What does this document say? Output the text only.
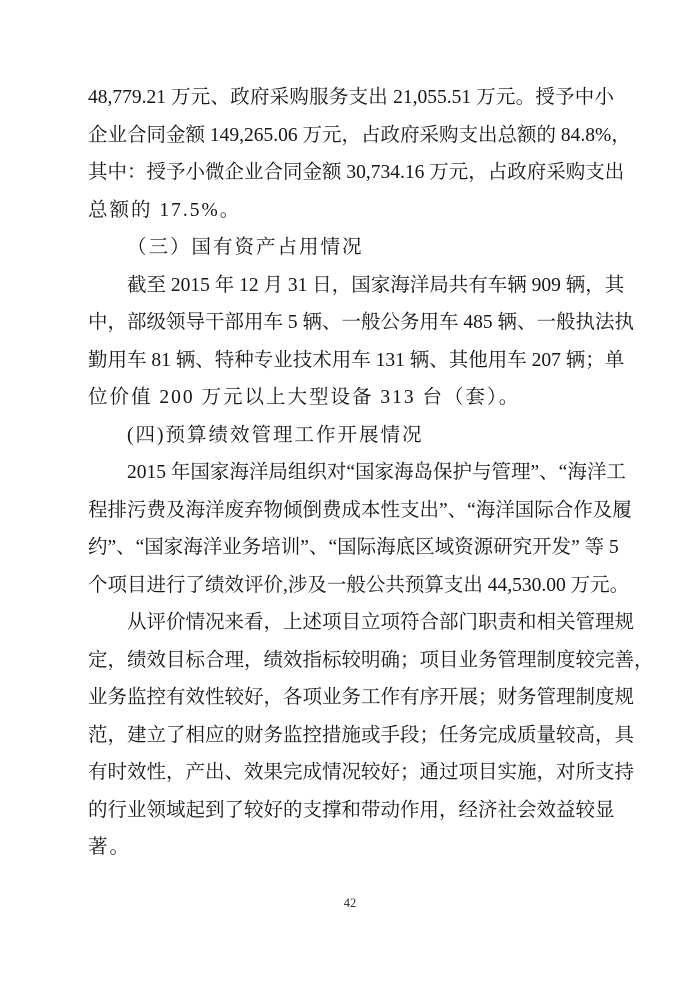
48,779.21 万元、政府采购服务支出 21,055.51 万元。授予中小
企业合同金额 149,265.06 万元，占政府采购支出总额的 84.8%，
其中：授予小微企业合同金额 30,734.16 万元，占政府采购支出
总额的 17.5%。
（三）国有资产占用情况
截至 2015 年 12 月 31 日，国家海洋局共有车辆 909 辆，其
中，部级领导干部用车 5 辆、一般公务用车 485 辆、一般执法执
勤用车 81 辆、特种专业技术用车 131 辆、其他用车 207 辆；单
位价值 200 万元以上大型设备 313 台（套）。
(四)预算绩效管理工作开展情况
2015 年国家海洋局组织对“国家海岛保护与管理”、“海洋工
程排污费及海洋废弃物倾倒费成本性支出”、“海洋国际合作及履
约”、“国家海洋业务培训”、“国际海底区域资源研究开发” 等 5
个项目进行了绩效评价,涉及一般公共预算支出 44,530.00 万元。
从评价情况来看，上述项目立项符合部门职责和相关管理规
定，绩效目标合理，绩效指标较明确；项目业务管理制度较完善，
业务监控有效性较好，各项业务工作有序开展；财务管理制度规
范，建立了相应的财务监控措施或手段；任务完成质量较高，具
有时效性，产出、效果完成情况较好；通过项目实施，对所支持
的行业领域起到了较好的支撑和带动作用，经济社会效益较显
著。
42
